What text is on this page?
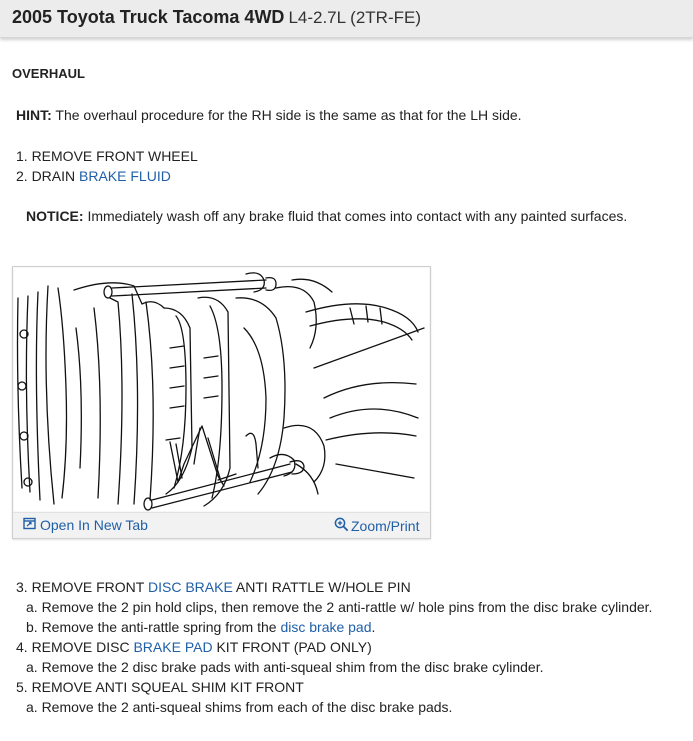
2005 Toyota Truck Tacoma 4WD L4-2.7L (2TR-FE)
OVERHAUL
HINT: The overhaul procedure for the RH side is the same as that for the LH side.
1. REMOVE FRONT WHEEL
2. DRAIN BRAKE FLUID
NOTICE: Immediately wash off any brake fluid that comes into contact with any painted surfaces.
Open In New Tab	Zoom/Print
3. REMOVE FRONT DISC BRAKE ANTI RATTLE W/HOLE PIN
a. Remove the 2 pin hold clips, then remove the 2 anti-rattle w/ hole pins from the disc brake cylinder.
b. Remove the anti-rattle spring from the disc brake pad.
4. REMOVE DISC BRAKE PAD KIT FRONT (PAD ONLY)
a. Remove the 2 disc brake pads with anti-squeal shim from the disc brake cylinder.
5. REMOVE ANTI SQUEAL SHIM KIT FRONT
a. Remove the 2 anti-squeal shims from each of the disc brake pads.
